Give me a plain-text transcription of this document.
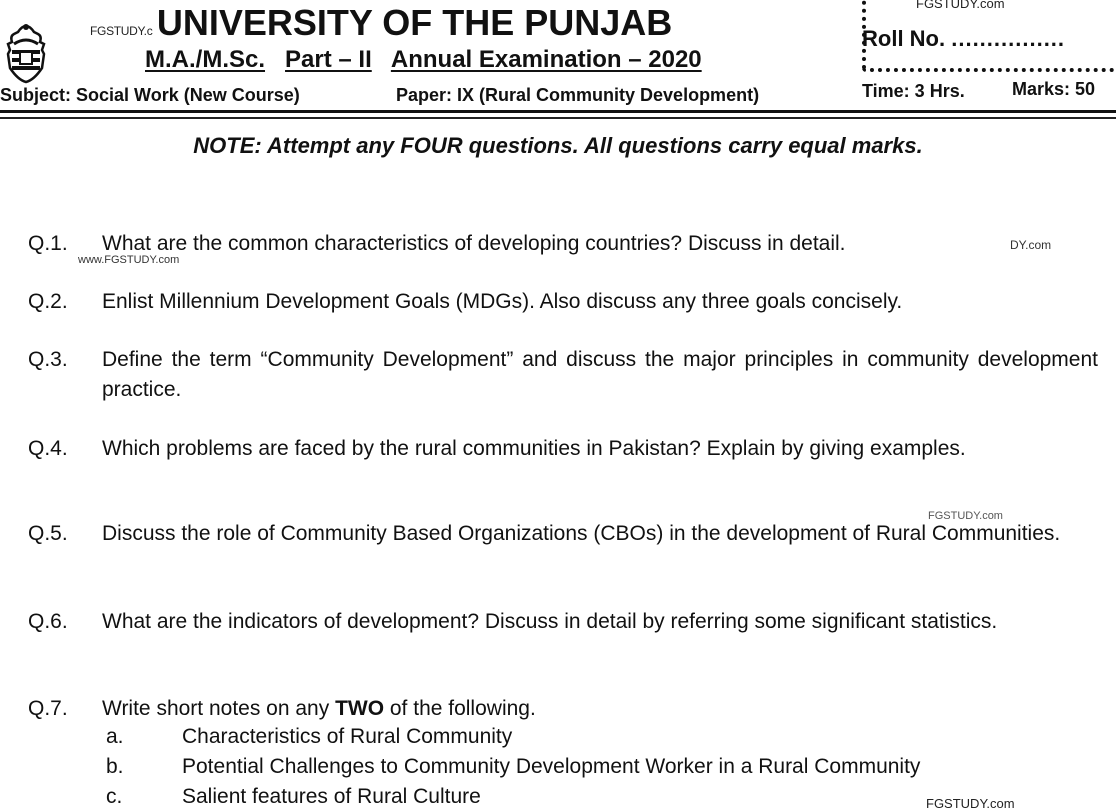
FGSTUDY.c UNIVERSITY OF THE PUNJAB
M.A./M.Sc. Part – II Annual Examination – 2020
FGSTUDY.com
Roll No. ................
Subject: Social Work (New Course)	Paper: IX (Rural Community Development)	Time: 3 Hrs.	Marks: 50
NOTE: Attempt any FOUR questions. All questions carry equal marks.
Q.1.	What are the common characteristics of developing countries? Discuss in detail.
www.FGSTUDY.com
DY.com
Q.2.	Enlist Millennium Development Goals (MDGs). Also discuss any three goals concisely.
Q.3.	Define the term “Community Development” and discuss the major principles in community development practice.
Q.4.	Which problems are faced by the rural communities in Pakistan? Explain by giving examples.
FGSTUDY.com
Q.5.	Discuss the role of Community Based Organizations (CBOs) in the development of Rural Communities.
Q.6.	What are the indicators of development? Discuss in detail by referring some significant statistics.
Q.7.	Write short notes on any TWO of the following.
a.	Characteristics of Rural Community
b.	Potential Challenges to Community Development Worker in a Rural Community
c.	Salient features of Rural Culture	FGSTUDY.com
